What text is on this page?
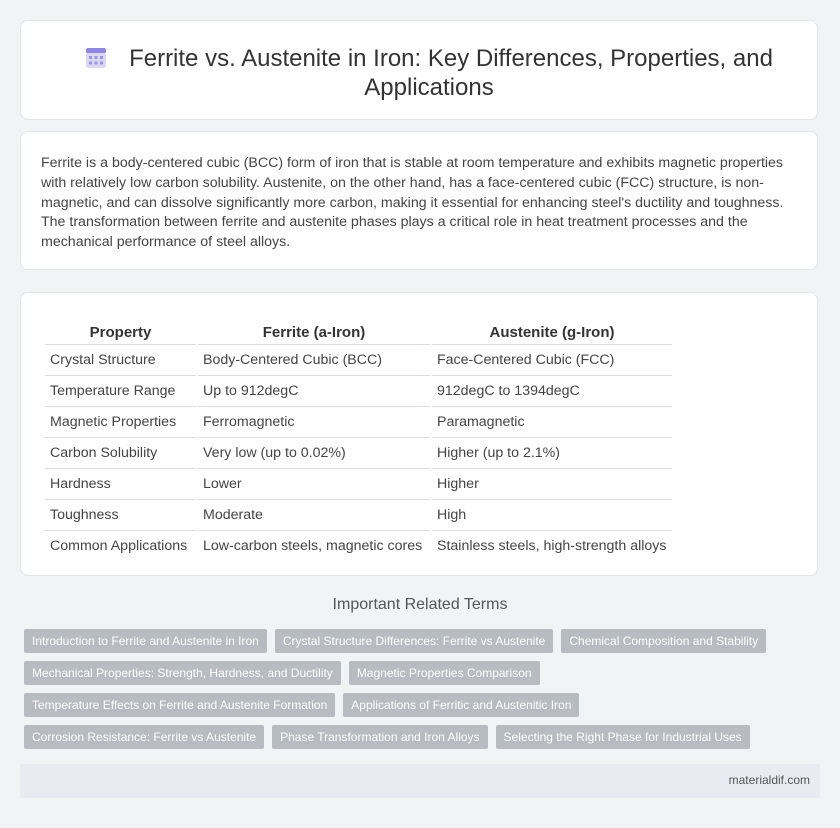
Ferrite vs. Austenite in Iron: Key Differences, Properties, and Applications
Ferrite is a body-centered cubic (BCC) form of iron that is stable at room temperature and exhibits magnetic properties with relatively low carbon solubility. Austenite, on the other hand, has a face-centered cubic (FCC) structure, is non-magnetic, and can dissolve significantly more carbon, making it essential for enhancing steel's ductility and toughness. The transformation between ferrite and austenite phases plays a critical role in heat treatment processes and the mechanical performance of steel alloys.
Property	Ferrite (a-Iron)	Austenite (g-Iron)
Crystal Structure	Body-Centered Cubic (BCC)	Face-Centered Cubic (FCC)
Temperature Range	Up to 912degC	912degC to 1394degC
Magnetic Properties	Ferromagnetic	Paramagnetic
Carbon Solubility	Very low (up to 0.02%)	Higher (up to 2.1%)
Hardness	Lower	Higher
Toughness	Moderate	High
Common Applications	Low-carbon steels, magnetic cores	Stainless steels, high-strength alloys
Important Related Terms
Introduction to Ferrite and Austenite in Iron	Crystal Structure Differences: Ferrite vs Austenite	Chemical Composition and Stability
Mechanical Properties: Strength, Hardness, and Ductility	Magnetic Properties Comparison
Temperature Effects on Ferrite and Austenite Formation	Applications of Ferritic and Austenitic Iron
Corrosion Resistance: Ferrite vs Austenite	Phase Transformation and Iron Alloys	Selecting the Right Phase for Industrial Uses
materialdif.com
